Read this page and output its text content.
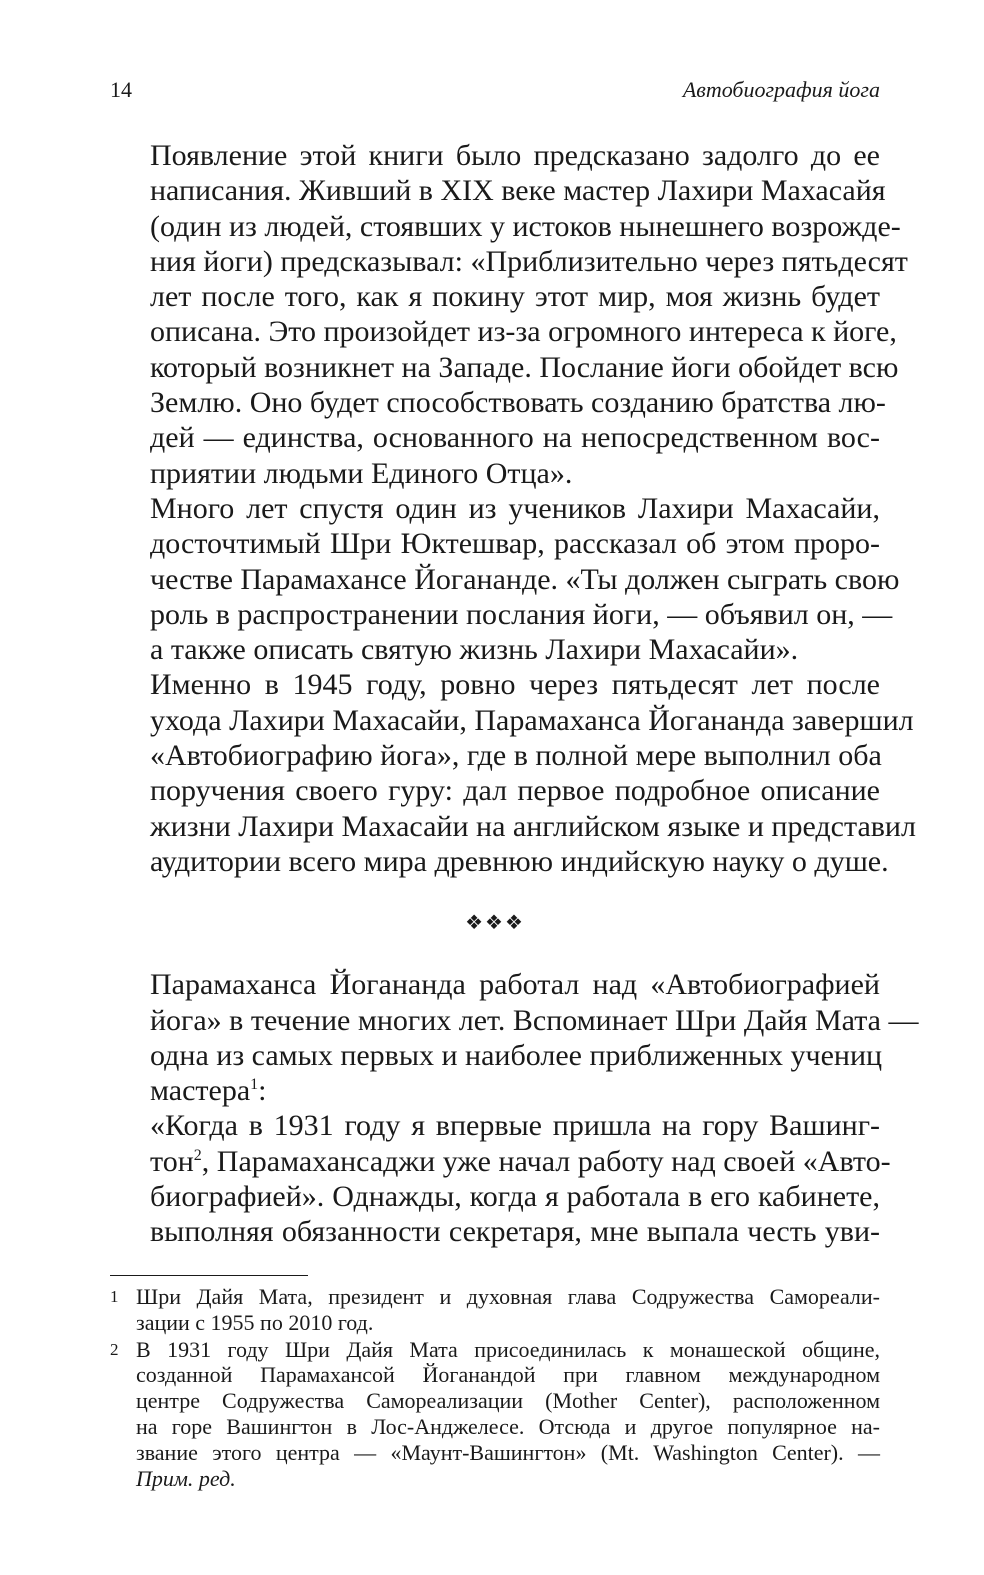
14	Автобиография йога

Появление этой книги было предсказано задолго до ее
написания. Живший в XIX веке мастер Лахири Махасайя
(один из людей, стоявших у истоков нынешнего возрожде-
ния йоги) предсказывал: «Приблизительно через пятьдесят
лет после того, как я покину этот мир, моя жизнь будет
описана. Это произойдет из-за огромного интереса к йоге,
который возникнет на Западе. Послание йоги обойдет всю
Землю. Оно будет способствовать созданию братства лю-
дей — единства, основанного на непосредственном вос-
приятии людьми Единого Отца».

Много лет спустя один из учеников Лахири Махасайи,
досточтимый Шри Юктешвар, рассказал об этом проро-
честве Парамахансе Йогананде. «Ты должен сыграть свою
роль в распространении послания йоги, — объявил он, —
а также описать святую жизнь Лахири Махасайи».

Именно в 1945 году, ровно через пятьдесят лет после
ухода Лахири Махасайи, Парамаханса Йогананда завершил
«Автобиографию йога», где в полной мере выполнил оба
поручения своего гуру: дал первое подробное описание
жизни Лахири Махасайи на английском языке и представил
аудитории всего мира древнюю индийскую науку о душе.

❖❖❖

Парамаханса Йогананда работал над «Автобиографией
йога» в течение многих лет. Вспоминает Шри Дайя Мата —
одна из самых первых и наиболее приближенных учениц
мастера$^1$:

«Когда в 1931 году я впервые пришла на гору Вашинг-
тон$^2$, Парамахансаджи уже начал работу над своей «Авто-
биографией». Однажды, когда я работала в его кабинете,
выполняя обязанности секретаря, мне выпала честь уви-

1 Шри Дайя Мата, президент и духовная глава Содружества Самореали-
зации с 1955 по 2010 год.
2 В 1931 году Шри Дайя Мата присоединилась к монашеской общине,
созданной Парамахансой Йоганандой при главном международном
центре Содружества Самореализации (Mother Center), расположенном
на горе Вашингтон в Лос-Анджелесе. Отсюда и другое популярное на-
звание этого центра — «Маунт-Вашингтон» (Mt. Washington Center). —
Прим. ред.
